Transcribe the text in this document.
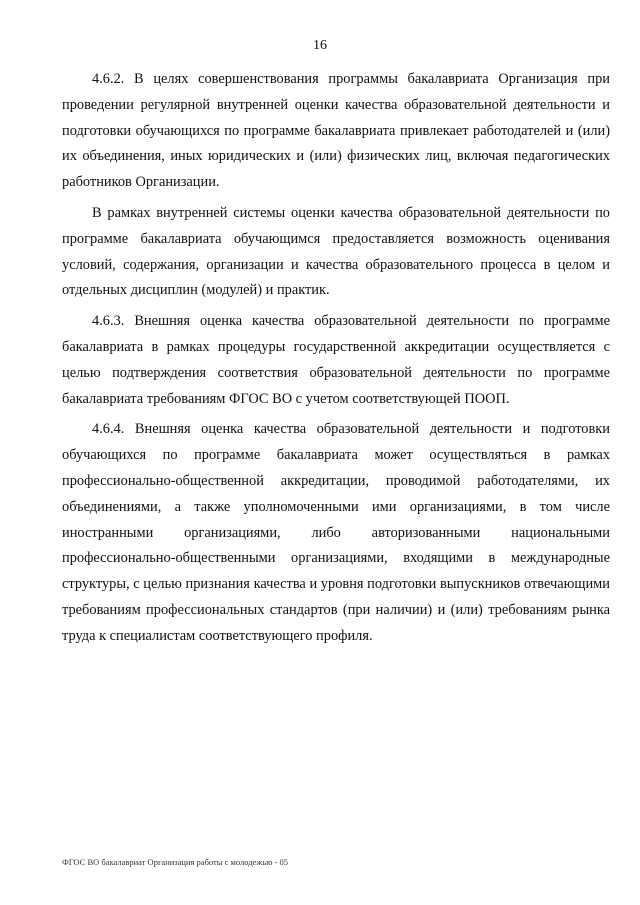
16

4.6.2. В целях совершенствования программы бакалавриата Организация при проведении регулярной внутренней оценки качества образовательной деятельности и подготовки обучающихся по программе бакалавриата привлекает работодателей и (или) их объединения, иных юридических и (или) физических лиц, включая педагогических работников Организации.

В рамках внутренней системы оценки качества образовательной деятельности по программе бакалавриата обучающимся предоставляется возможность оценивания условий, содержания, организации и качества образовательного процесса в целом и отдельных дисциплин (модулей) и практик.

4.6.3. Внешняя оценка качества образовательной деятельности по программе бакалавриата в рамках процедуры государственной аккредитации осуществляется с целью подтверждения соответствия образовательной деятельности по программе бакалавриата требованиям ФГОС ВО с учетом соответствующей ПООП.

4.6.4. Внешняя оценка качества образовательной деятельности и подготовки обучающихся по программе бакалавриата может осуществляться в рамках профессионально-общественной аккредитации, проводимой работодателями, их объединениями, а также уполномоченными ими организациями, в том числе иностранными организациями, либо авторизованными национальными профессионально-общественными организациями, входящими в международные структуры, с целью признания качества и уровня подготовки выпускников отвечающими требованиям профессиональных стандартов (при наличии) и (или) требованиям рынка труда к специалистам соответствующего профиля.

ФГОС ВО бакалавриат Организация работы с молодежью - 05
